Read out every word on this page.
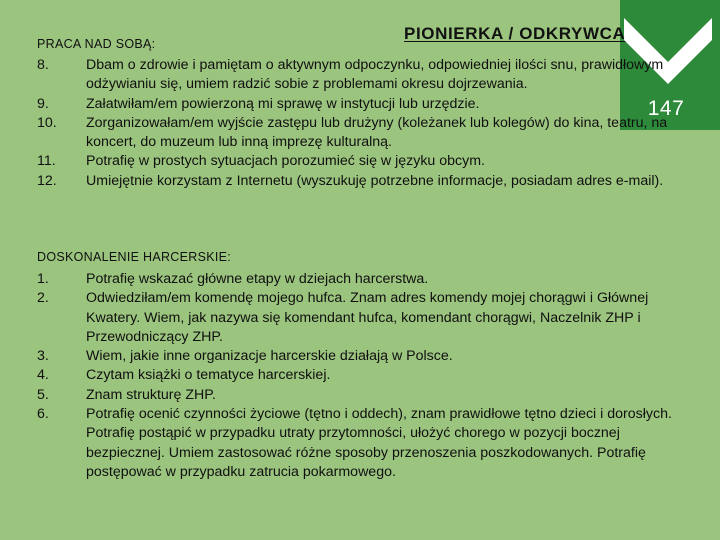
147
PIONIERKA / ODKRYWCA
PRACA NAD SOBĄ:
8.	Dbam o zdrowie i pamiętam o aktywnym odpoczynku, odpowiedniej ilości snu, prawidłowym odżywianiu się, umiem radzić sobie z problemami okresu dojrzewania.
9.	Załatwiłam/em powierzoną mi sprawę w instytucji lub urzędzie.
10. Zorganizowałam/em wyjście zastępu lub drużyny (koleżanek lub kolegów) do kina, teatru, na koncert, do muzeum lub inną imprezę kulturalną.
11. Potrafię w prostych sytuacjach porozumieć się w języku obcym.
12. Umiejętnie korzystam z Internetu (wyszukuję potrzebne informacje, posiadam adres e-mail).
DOSKONALENIE HARCERSKIE:
1.	Potrafię wskazać główne etapy w dziejach harcerstwa.
2.	Odwiedziłam/em komendę mojego hufca. Znam adres komendy mojej chorągwi i Głównej Kwatery. Wiem, jak nazywa się komendant hufca, komendant chorągwi, Naczelnik ZHP i Przewodniczący ZHP.
3.	Wiem, jakie inne organizacje harcerskie działają w Polsce.
4.	Czytam książki o tematyce harcerskiej.
5.	Znam strukturę ZHP.
6.	Potrafię ocenić czynności życiowe (tętno i oddech), znam prawidłowe tętno dzieci i dorosłych. Potrafię postąpić w przypadku utraty przytomności, ułożyć chorego w pozycji bocznej bezpiecznej. Umiem zastosować różne sposoby przenoszenia poszkodowanych. Potrafię postępować w przypadku zatrucia pokarmowego.
